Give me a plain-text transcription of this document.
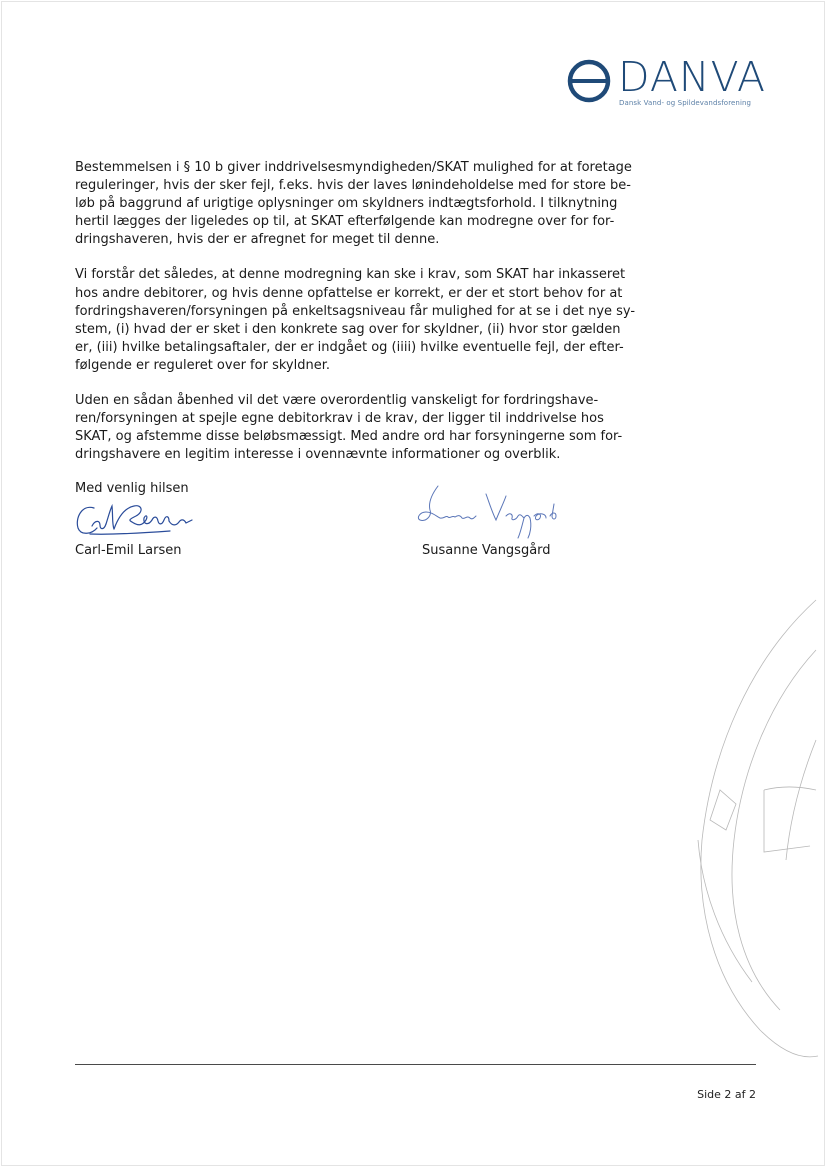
DANVA
Dansk Vand- og Spildevandsforening

Bestemmelsen i § 10 b giver inddrivelsesmyndigheden/SKAT mulighed for at foretage
reguleringer, hvis der sker fejl, f.eks. hvis der laves lønindeholdelse med for store be-
løb på baggrund af urigtige oplysninger om skyldners indtægtsforhold. I tilknytning
hertil lægges der ligeledes op til, at SKAT efterfølgende kan modregne over for for-
dringshaveren, hvis der er afregnet for meget til denne.

Vi forstår det således, at denne modregning kan ske i krav, som SKAT har inkasseret
hos andre debitorer, og hvis denne opfattelse er korrekt, er der et stort behov for at
fordringshaveren/forsyningen på enkeltsagsniveau får mulighed for at se i det nye sy-
stem, (i) hvad der er sket i den konkrete sag over for skyldner, (ii) hvor stor gælden
er, (iii) hvilke betalingsaftaler, der er indgået og (iiii) hvilke eventuelle fejl, der efter-
følgende er reguleret over for skyldner.

Uden en sådan åbenhed vil det være overordentlig vanskeligt for fordringshave-
ren/forsyningen at spejle egne debitorkrav i de krav, der ligger til inddrivelse hos
SKAT, og afstemme disse beløbsmæssigt. Med andre ord har forsyningerne som for-
dringshavere en legitim interesse i ovennævnte informationer og overblik.

Med venlig hilsen
Carl-Emil Larsen	Susanne Vangsgård
Side 2 af 2
